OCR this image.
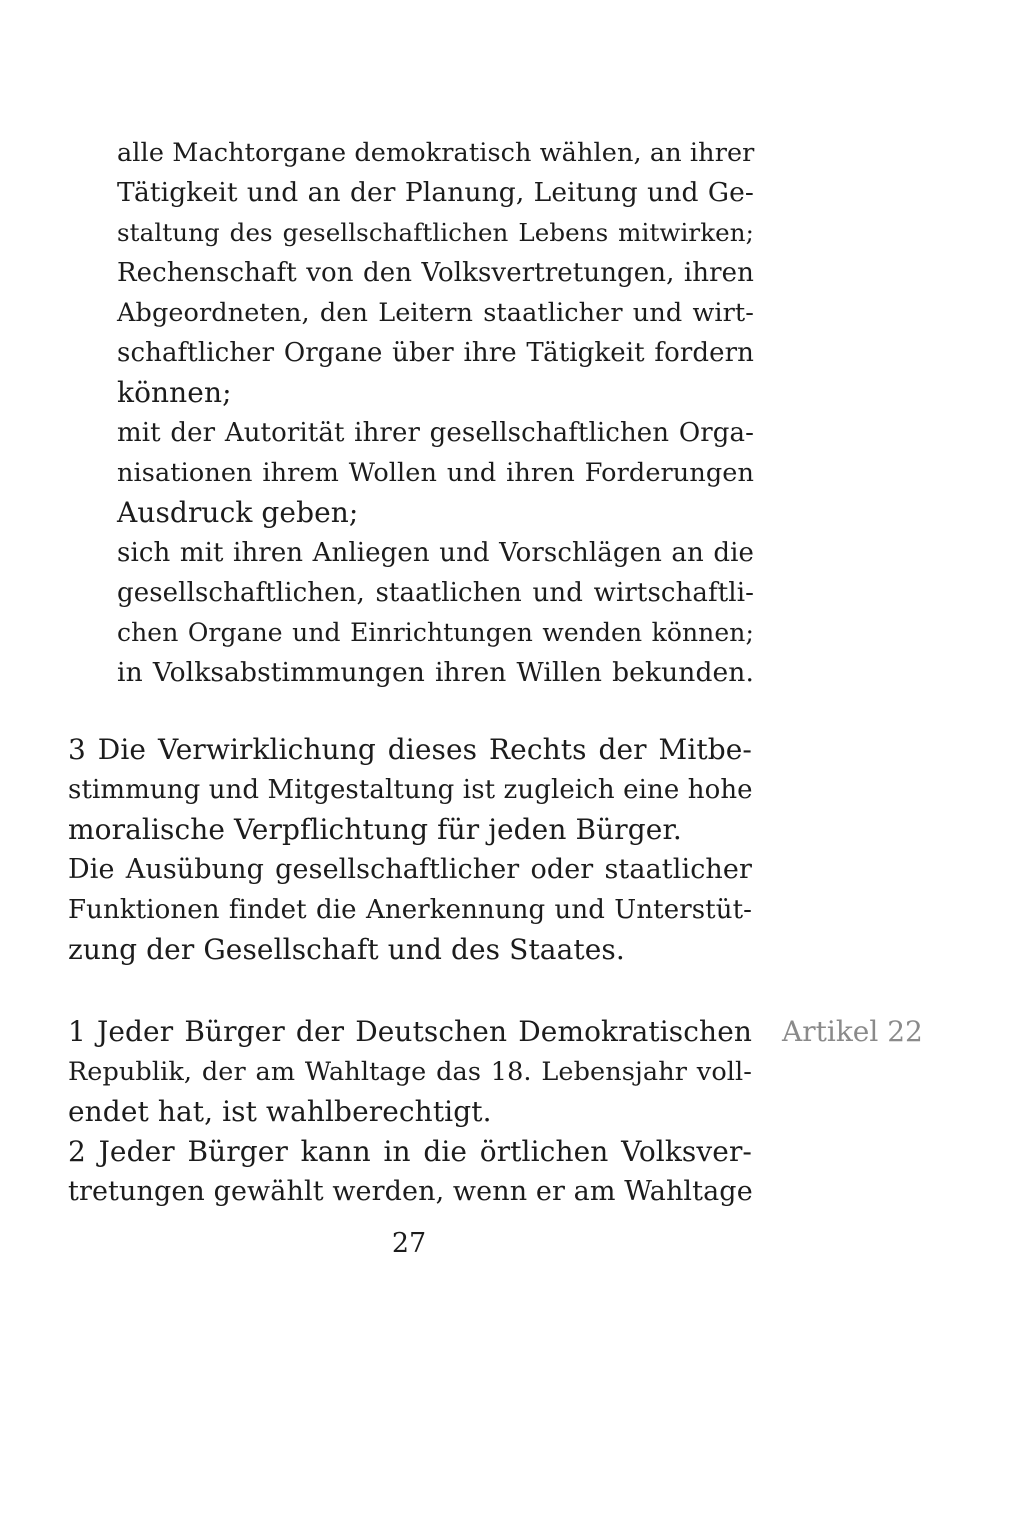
alle Machtorgane demokratisch wählen, an ihrer
Tätigkeit und an der Planung, Leitung und Ge-
staltung des gesellschaftlichen Lebens mitwirken;
Rechenschaft von den Volksvertretungen, ihren
Abgeordneten, den Leitern staatlicher und wirt-
schaftlicher Organe über ihre Tätigkeit fordern
können;
mit der Autorität ihrer gesellschaftlichen Orga-
nisationen ihrem Wollen und ihren Forderungen
Ausdruck geben;
sich mit ihren Anliegen und Vorschlägen an die
gesellschaftlichen, staatlichen und wirtschaftli-
chen Organe und Einrichtungen wenden können;
in Volksabstimmungen ihren Willen bekunden.
3 Die Verwirklichung dieses Rechts der Mitbe-
stimmung und Mitgestaltung ist zugleich eine hohe
moralische Verpflichtung für jeden Bürger.
Die Ausübung gesellschaftlicher oder staatlicher
Funktionen findet die Anerkennung und Unterstüt-
zung der Gesellschaft und des Staates.
1 Jeder Bürger der Deutschen Demokratischen
Republik, der am Wahltage das 18. Lebensjahr voll-
endet hat, ist wahlberechtigt.
2 Jeder Bürger kann in die örtlichen Volksver-
tretungen gewählt werden, wenn er am Wahltage
Artikel 22
27
